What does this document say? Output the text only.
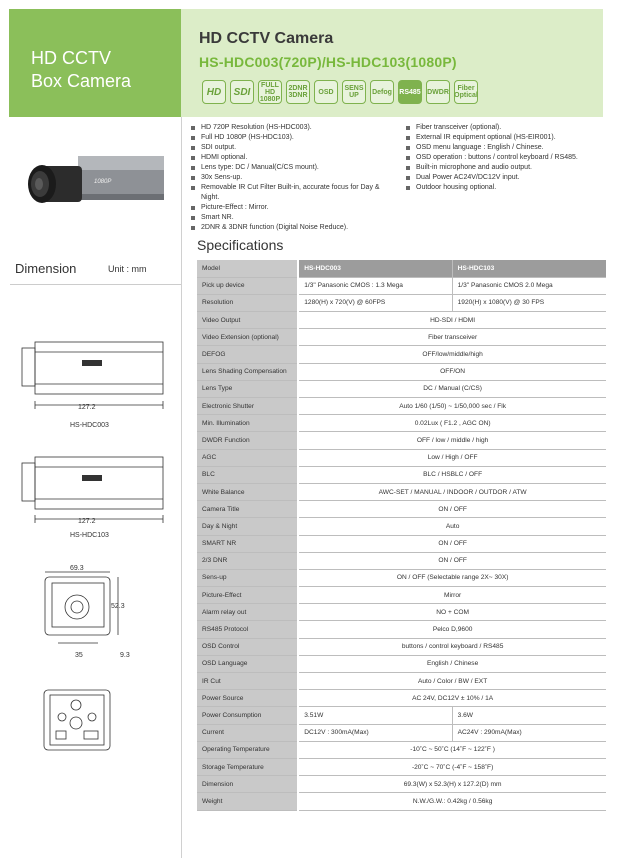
HD CCTV
Box Camera
HD CCTV Camera
HS-HDC003(720P)/HS-HDC103(1080P)
HD	SDI
FULL HD 1080P
2DNR 3DNR	OSD	SENS UP	Defog RS485 DWDR	Fiber Optical
1080P
HD 720P Resolution (HS-HDC003).
Full HD 1080P (HS-HDC103).
SDI output.
HDMI optional.
Lens type: DC / Manual(C/CS mount).
30x Sens-up.
Removable IR Cut Filter Built-in, accurate focus for Day & Night.
Picture-Effect : Mirror.
Smart NR.
2DNR & 3DNR function (Digital Noise Reduce).
Fiber transceiver (optional).
External IR equipment optional (HS-EIR001).
OSD menu language : English / Chinese.
OSD operation : buttons / control keyboard / RS485.
Built-in microphone and audio output.
Dual Power AC24V/DC12V input.
Outdoor housing optional.
Dimension	Unit : mm
127.2
HS-HDC003
127.2
HS-HDC103
69.3
52.3
35	9.3
Specifications
Model	HS-HDC003	HS-HDC103
Pick up device	1/3" Panasonic CMOS : 1.3 Mega	1/3" Panasonic CMOS 2.0 Mega
Resolution	1280(H) x 720(V) @ 60FPS	1920(H) x 1080(V) @ 30 FPS
Video Output	HD-SDI / HDMI	
Video Extension (optional)	Fiber transceiver	
DEFOG	OFF/low/middle/high	
Lens Shading Compensation	OFF/ON	
Lens Type	DC / Manual (C/CS)	
Electronic Shutter	Auto 1/60 (1/50) ~ 1/50,000 sec / Flk	
Min. Illumination	0.02Lux ( F1.2 , AGC ON)	
DWDR Function	OFF / low / middle / high	
AGC	Low / High / OFF	
BLC	BLC / HSBLC / OFF	
White Balance	AWC-SET / MANUAL / INDOOR / OUTDOR / ATW	
Camera Title	ON / OFF	
Day & Night	Auto	
SMART NR	ON / OFF	
2/3 DNR	ON / OFF	
Sens-up	ON / OFF (Selectable range 2X~ 30X)	
Picture-Effect	Mirror	
Alarm relay out	NO + COM	
RS485 Protocol	Pelco D,9600	
OSD Control	buttons / control keyboard / RS485	
OSD Language	English / Chinese	
IR Cut	Auto / Color / BW / EXT	
Power Source	AC 24V, DC12V ± 10% / 1A	
Power Consumption	3.51W	3.6W
Current	DC12V : 300mA(Max)	AC24V : 290mA(Max)
Operating Temperature	-10˚C ~ 50˚C (14˚F ~ 122˚F )	
Storage Temperature	-20˚C ~ 70˚C (-4˚F ~ 158˚F)	
Dimension	69.3(W) x 52.3(H) x 127.2(D) mm	
Weight	N.W./G.W.: 0.42kg / 0.56kg	
